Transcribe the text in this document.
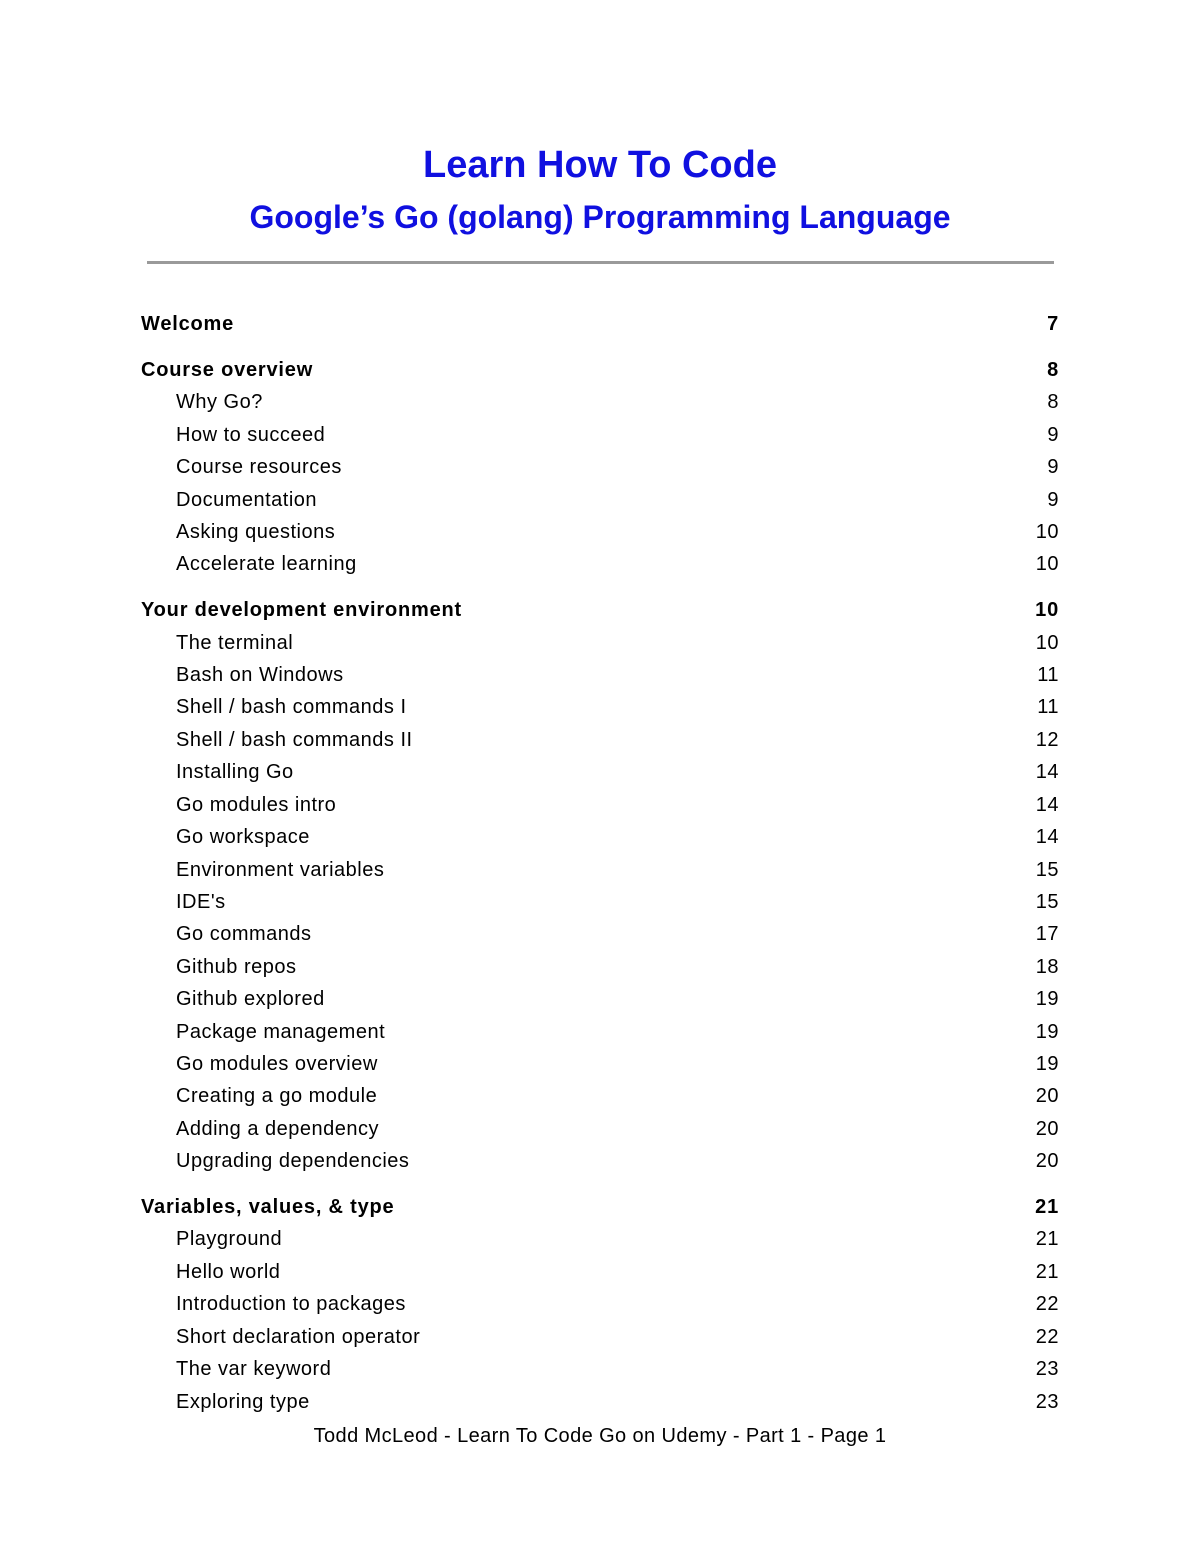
Learn How To Code
Google’s Go (golang) Programming Language
Welcome	7
Course overview	8
Why Go?	8
How to succeed	9
Course resources	9
Documentation	9
Asking questions	10
Accelerate learning	10
Your development environment	10
The terminal	10
Bash on Windows	11
Shell / bash commands I	11
Shell / bash commands II	12
Installing Go	14
Go modules intro	14
Go workspace	14
Environment variables	15
IDE's	15
Go commands	17
Github repos	18
Github explored	19
Package management	19
Go modules overview	19
Creating a go module	20
Adding a dependency	20
Upgrading dependencies	20
Variables, values, & type	21
Playground	21
Hello world	21
Introduction to packages	22
Short declaration operator	22
The var keyword	23
Exploring type	23
Todd McLeod - Learn To Code Go on Udemy - Part 1 - Page 1
